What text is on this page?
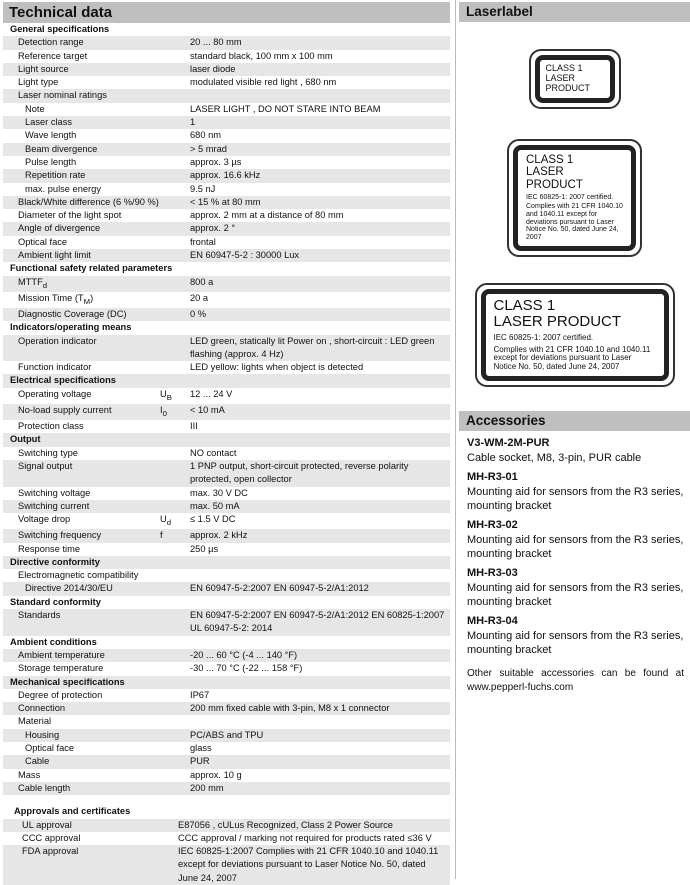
Technical data
General specifications
Detection range	20 ... 80 mm
Reference target	standard black, 100 mm x 100 mm
Light source	laser diode
Light type	modulated visible red light , 680 nm
Laser nominal ratings
Note	LASER LIGHT , DO NOT STARE INTO BEAM
Laser class	1
Wave length	680 nm
Beam divergence	> 5 mrad
Pulse length	approx. 3 µs
Repetition rate	approx. 16.6 kHz
max. pulse energy	9.5 nJ
Black/White difference (6 %/90 %)	< 15 % at 80 mm
Diameter of the light spot	approx. 2 mm at a distance of 80 mm
Angle of divergence	approx. 2 °
Optical face	frontal
Ambient light limit	EN 60947-5-2 : 30000 Lux
Functional safety related parameters
$MTTF_d$	800 a
Mission Time $(T_M)$	20 a
Diagnostic Coverage (DC)	0 %
Indicators/operating means
Operation indicator	LED green, statically lit Power on , short-circuit : LED green flashing (approx. 4 Hz)
Function indicator	LED yellow: lights when object is detected
Electrical specifications
Operating voltage	$U_B$	12 ... 24 V
No-load supply current	$I_0$	< 10 mA
Protection class	III
Output
Switching type	NO contact
Signal output	1 PNP output, short-circuit protected, reverse polarity protected, open collector
Switching voltage	max. 30 V DC
Switching current	max. 50 mA
Voltage drop	$U_d$	≤ 1.5 V DC
Switching frequency	f	approx. 2 kHz
Response time	250 µs
Directive conformity
Electromagnetic compatibility
Directive 2014/30/EU	EN 60947-5-2:2007 EN 60947-5-2/A1:2012
Standard conformity
Standards	EN 60947-5-2:2007 EN 60947-5-2/A1:2012 EN 60825-1:2007 UL 60947-5-2: 2014
Ambient conditions
Ambient temperature	-20 ... 60 °C (-4 ... 140 °F)
Storage temperature	-30 ... 70 °C (-22 ... 158 °F)
Mechanical specifications
Degree of protection	IP67
Connection	200 mm fixed cable with 3-pin, M8 x 1 connector
Material
Housing	PC/ABS and TPU
Optical face	glass
Cable	PUR
Mass	approx. 10 g
Cable length	200 mm
Approvals and certificates
UL approval	E87056 , cULus Recognized, Class 2 Power Source
CCC approval	CCC approval / marking not required for products rated ≤36 V
FDA approval	IEC 60825-1:2007 Complies with 21 CFR 1040.10 and 1040.11 except for deviations pursuant to Laser Notice No. 50, dated June 24, 2007
Laserlabel
CLASS 1
LASER
PRODUCT
CLASS 1
LASER PRODUCT
IEC 60825-1: 2007 certified.
Complies with 21 CFR 1040.10 and 1040.11 except for deviations pursuant to Laser Notice No. 50, dated June 24, 2007
CLASS 1
LASER PRODUCT
IEC 60825-1: 2007 certified.
Complies with 21 CFR 1040.10 and 1040.11 except for deviations pursuant to Laser Notice No. 50, dated June 24, 2007
Accessories
V3-WM-2M-PUR
Cable socket, M8, 3-pin, PUR cable
MH-R3-01
Mounting aid for sensors from the R3 series, mounting bracket
MH-R3-02
Mounting aid for sensors from the R3 series, mounting bracket
MH-R3-03
Mounting aid for sensors from the R3 series, mounting bracket
MH-R3-04
Mounting aid for sensors from the R3 series, mounting bracket
Other suitable accessories can be found at www.pepperl-fuchs.com
